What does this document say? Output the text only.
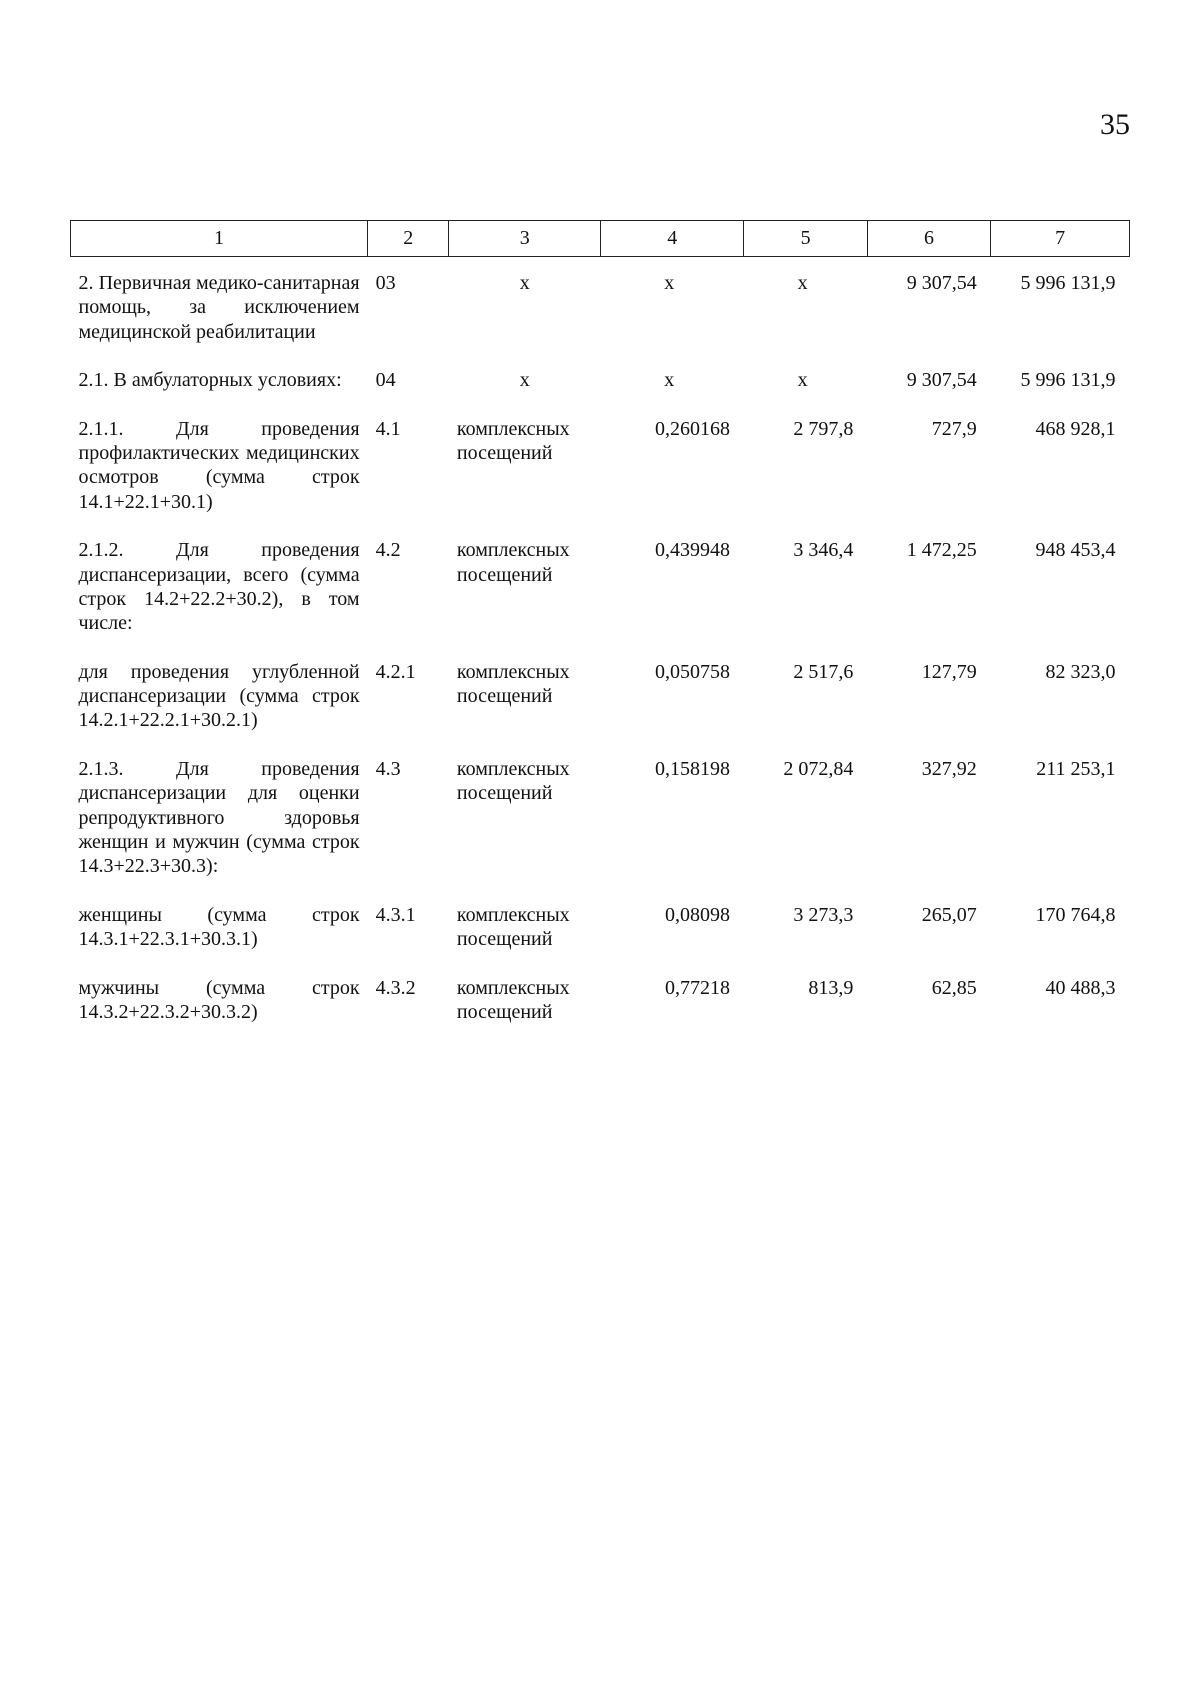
35
1	2	3	4	5	6	7
2. Первичная медико-санитарная помощь, за исключением медицинской реабилитации	03	х	х	х	9 307,54	5 996 131,9
2.1. В амбулаторных условиях:	04	х	х	х	9 307,54	5 996 131,9
2.1.1. Для проведения профилактических медицинских осмотров (сумма строк 14.1+22.1+30.1)	4.1	комплексных посещений	0,260168	2 797,8	727,9	468 928,1
2.1.2. Для проведения диспансеризации, всего (сумма строк 14.2+22.2+30.2), в том числе:	4.2	комплексных посещений	0,439948	3 346,4	1 472,25	948 453,4
для проведения углубленной диспансеризации (сумма строк 14.2.1+22.2.1+30.2.1)	4.2.1	комплексных посещений	0,050758	2 517,6	127,79	82 323,0
2.1.3. Для проведения диспансеризации для оценки репродуктивного здоровья женщин и мужчин (сумма строк 14.3+22.3+30.3):	4.3	комплексных посещений	0,158198	2 072,84	327,92	211 253,1
женщины (сумма строк 14.3.1+22.3.1+30.3.1)	4.3.1	комплексных посещений	0,08098	3 273,3	265,07	170 764,8
мужчины (сумма строк 14.3.2+22.3.2+30.3.2)	4.3.2	комплексных посещений	0,77218	813,9	62,85	40 488,3
